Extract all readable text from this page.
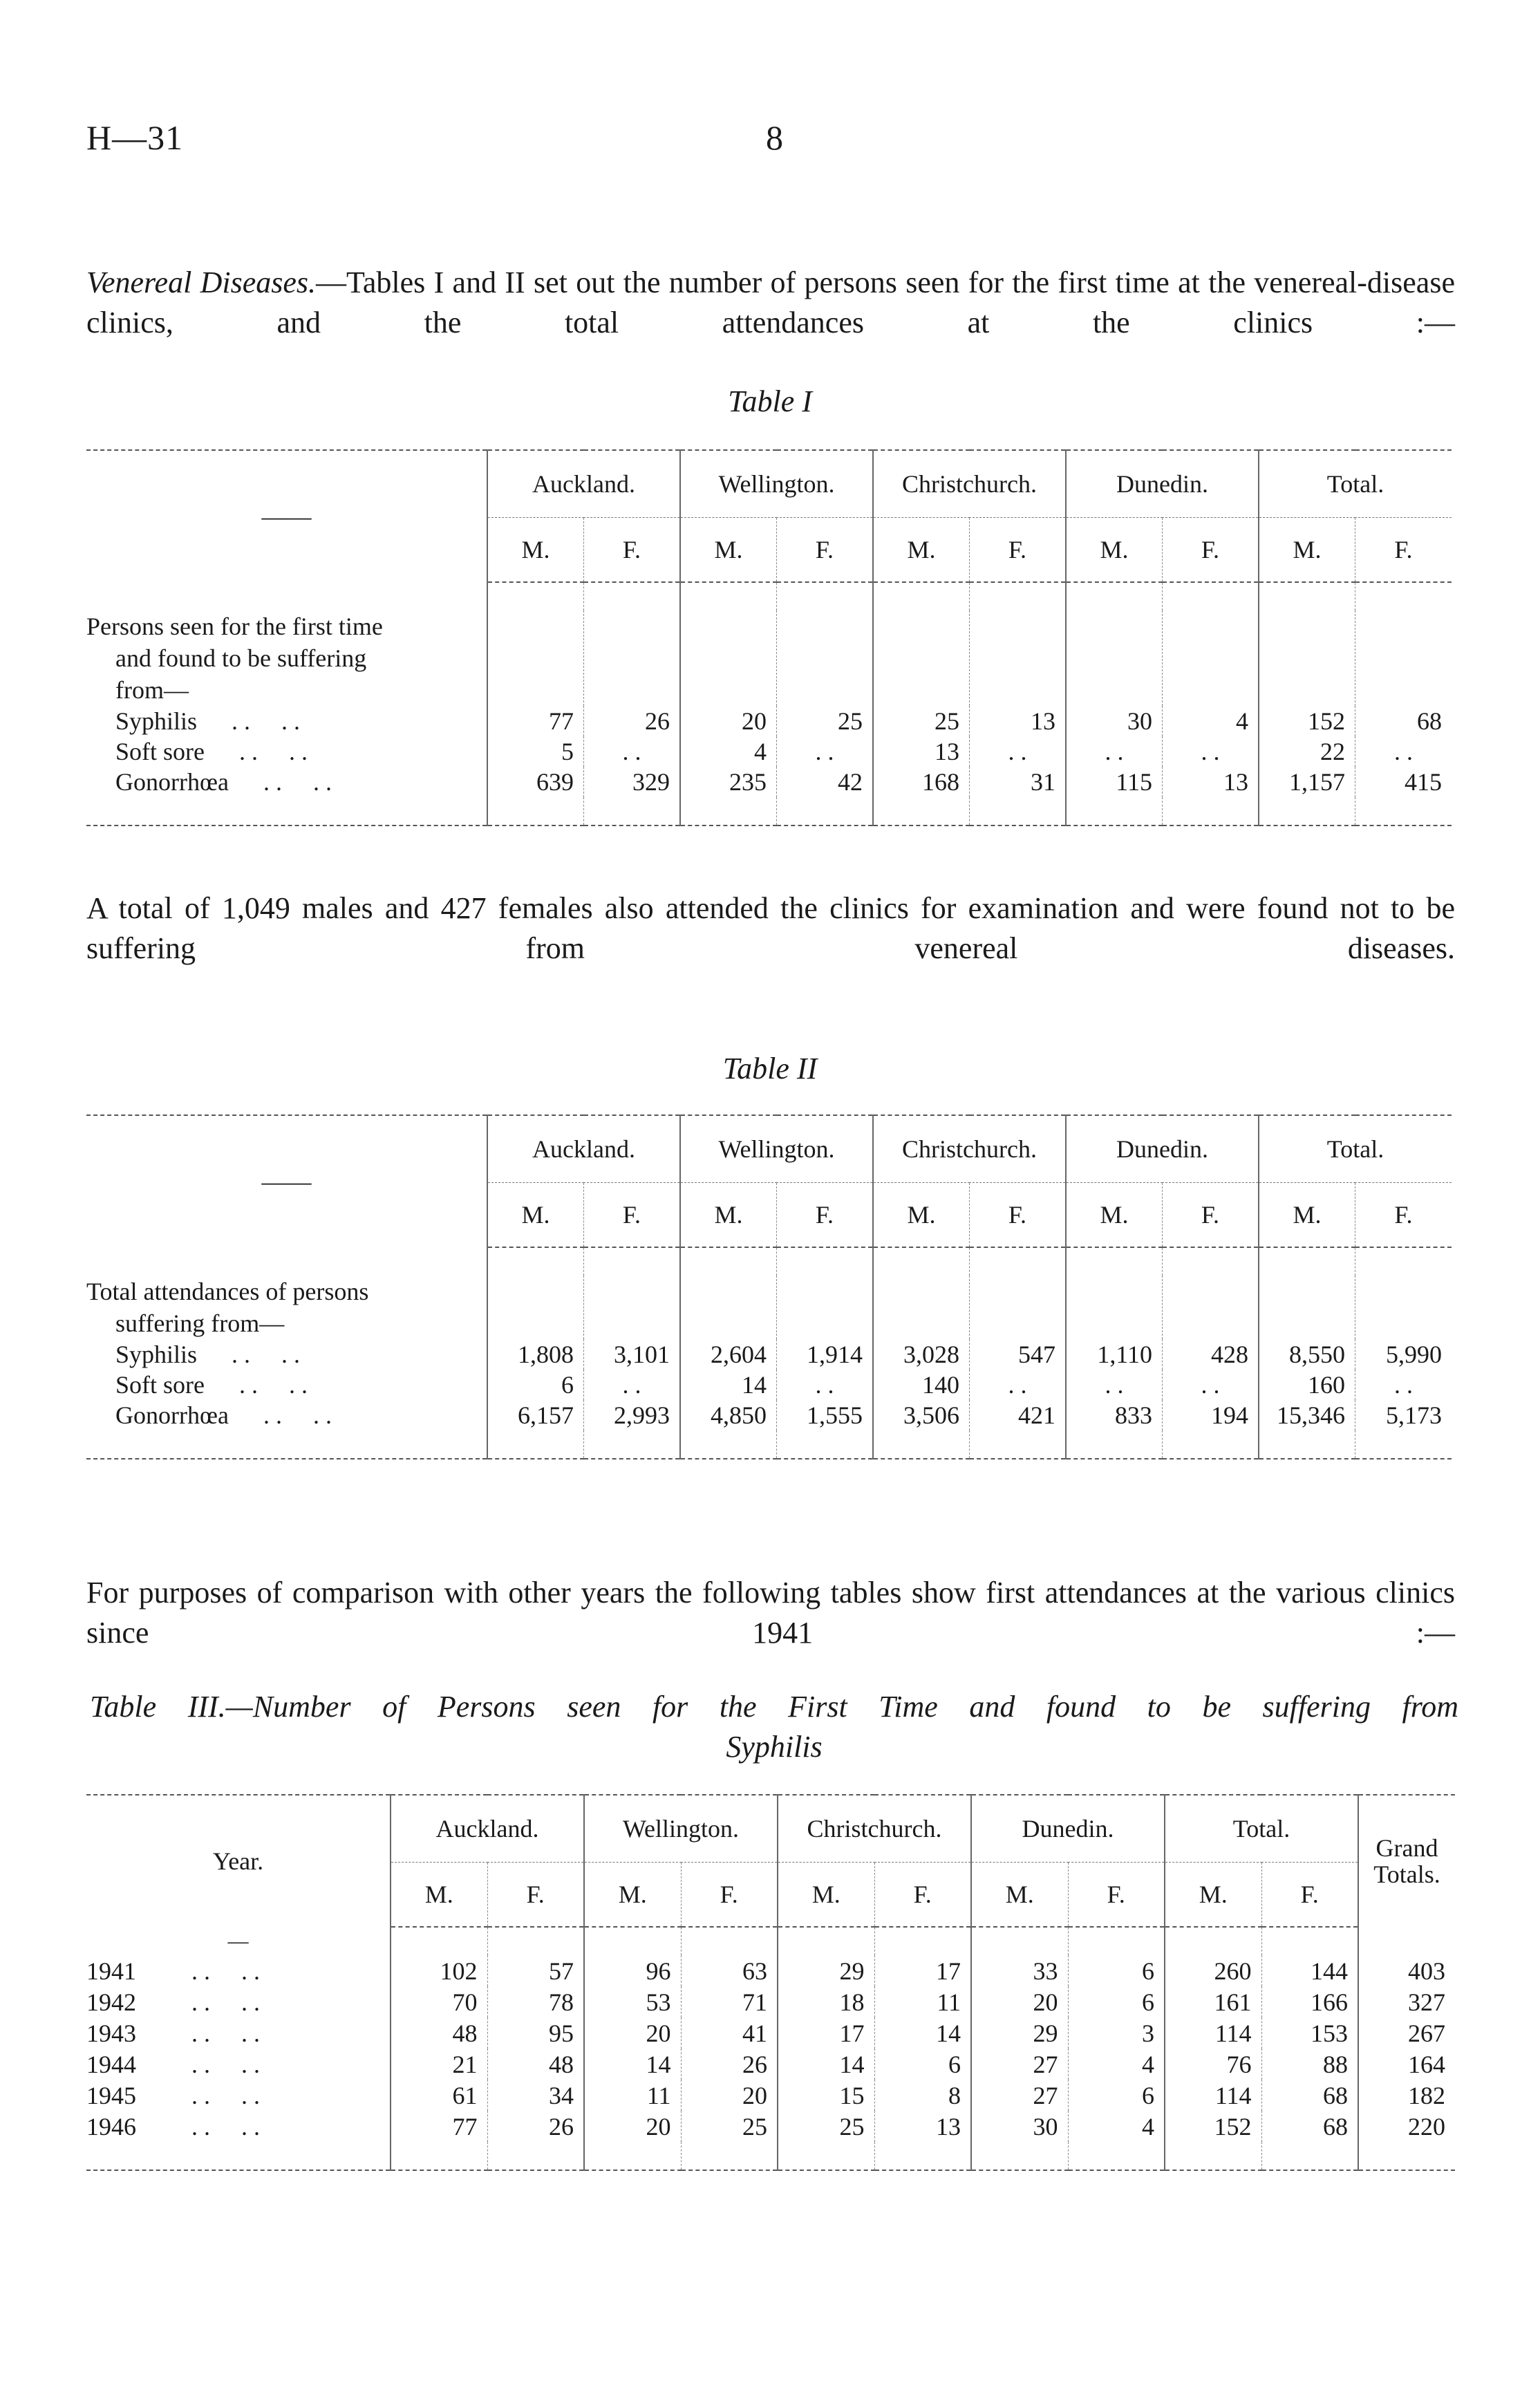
H—31	8
Venereal Diseases.—Tables I and II set out the number of persons seen for the first time at the venereal-disease clinics, and the total attendances at the clinics :—
Table I
——	Auckland.		Wellington.		Christchurch.		Dunedin.		Total.	
	M.	F.	M.	F.	M.	F.	M.	F.	M.	F.

Persons seen for the first time
and found to be suffering
from—										

Syphilis . .     . .	77	26	20	25	25	13	30	4	152	68
Soft sore . .     . .	5	. .	4	. .	13	. .	. .	. .	22	. .
Gonorrhœa . .     . .	639	329	235	42	168	31	115	13	1,157	415

A total of 1,049 males and 427 females also attended the clinics for examination and were found not to be suffering from venereal diseases.
Table II
——	Auckland.		Wellington.		Christchurch.		Dunedin.		Total.	
	M.	F.	M.	F.	M.	F.	M.	F.	M.	F.

Total attendances of persons
suffering from—										

Syphilis . .     . .	1,808	3,101	2,604	1,914	3,028	547	1,110	428	8,550	5,990
Soft sore . .     . .	6	. .	14	. .	140	. .	. .	. .	160	. .
Gonorrhœa . .     . .	6,157	2,993	4,850	1,555	3,506	421	833	194	15,346	5,173

For purposes of comparison with other years the following tables show first attendances at the various clinics since 1941 :—
Table III.—Number of Persons seen for the First Time and found to be suffering from
Syphilis
Year.	Auckland.		Wellington.		Christchurch.		Dunedin.		Total.		Grand Totals.
	M.	F.	M.	F.	M.	F.	M.	F.	M.	F.	
—											
1941 . .     . .	102	57	96	63	29	17	33	6	260	144	403
1942 . .     . .	70	78	53	71	18	11	20	6	161	166	327
1943 . .     . .	48	95	20	41	17	14	29	3	114	153	267
1944 . .     . .	21	48	14	26	14	6	27	4	76	88	164
1945 . .     . .	61	34	11	20	15	8	27	6	114	68	182
1946 . .     . .	77	26	20	25	25	13	30	4	152	68	220
